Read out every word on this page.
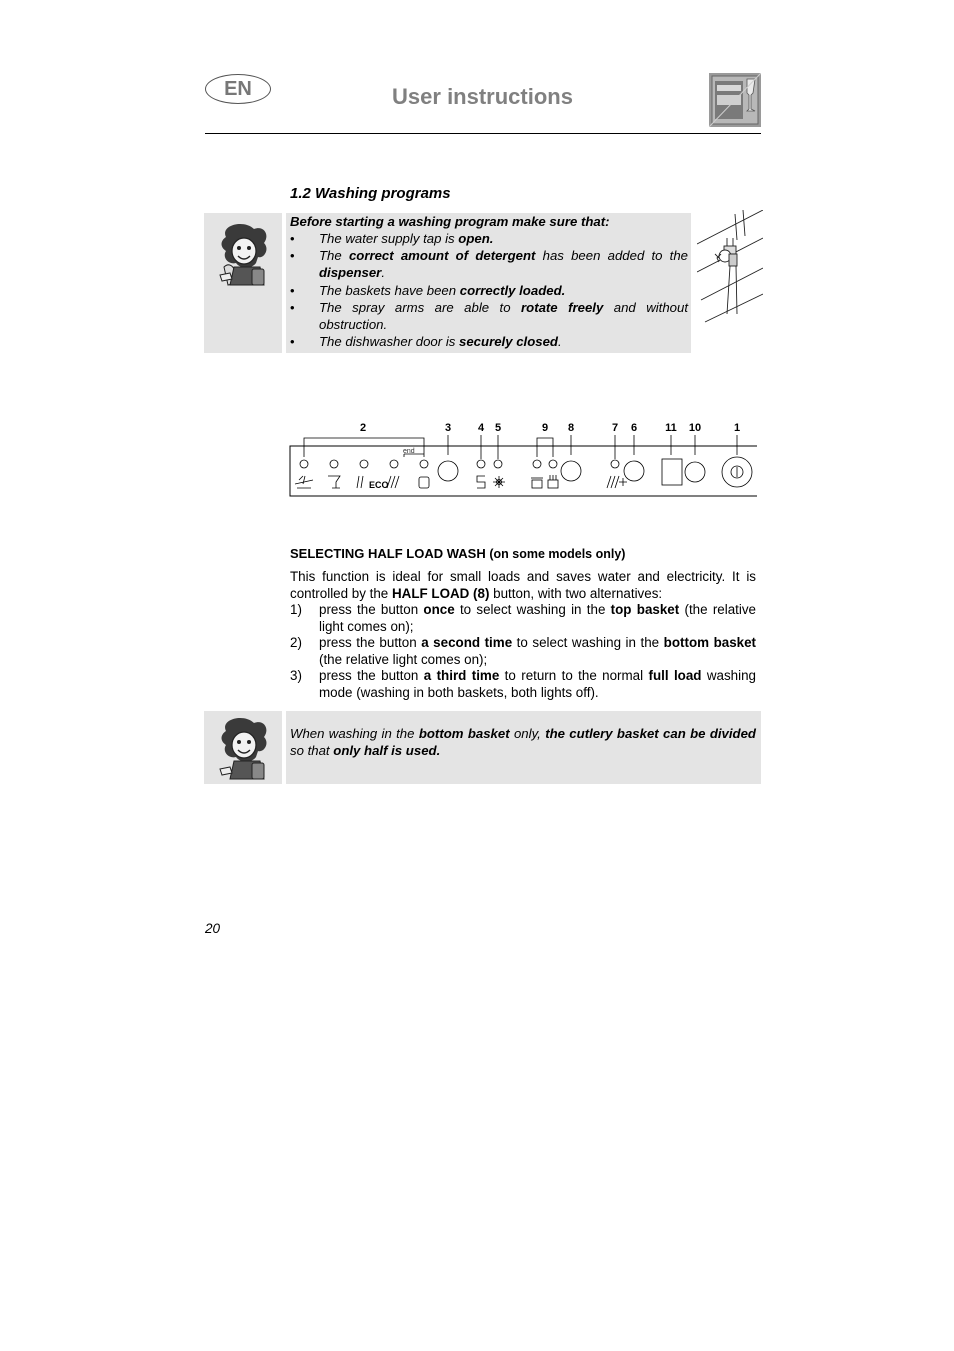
EN	User instructions
1.2 Washing programs
Before starting a washing program make sure that:
• The water supply tap is open.
• The correct amount of detergent has been added to the dispenser.
• The baskets have been correctly loaded.
• The spray arms are able to rotate freely and without obstruction.
• The dishwasher door is securely closed.
2	3 4 5	9 8	7 6	11 10	1
ECO
end
SELECTING HALF LOAD WASH (on some models only)
This function is ideal for small loads and saves water and electricity. It is controlled by the HALF LOAD (8) button, with two alternatives:
1) press the button once to select washing in the top basket (the relative light comes on);
2) press the button a second time to select washing in the bottom basket (the relative light comes on);
3) press the button a third time to return to the normal full load washing mode (washing in both baskets, both lights off).
When washing in the bottom basket only, the cutlery basket can be divided so that only half is used.
20
